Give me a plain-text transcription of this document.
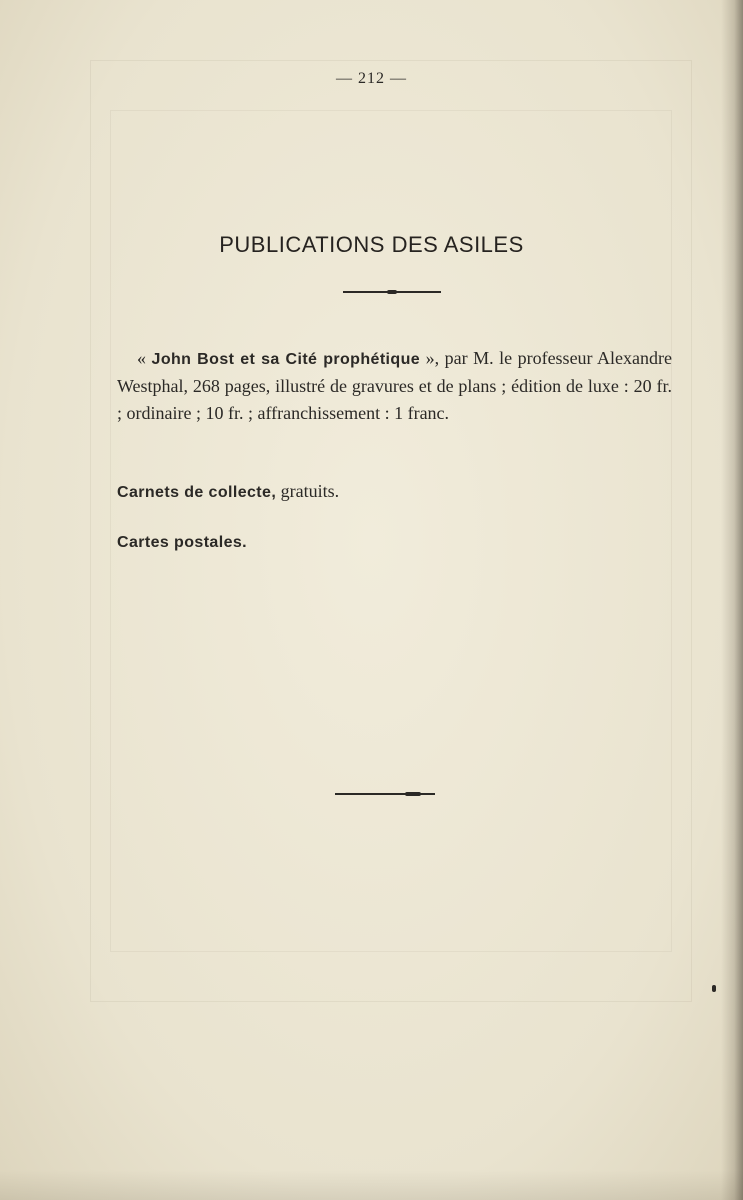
— 212 —
PUBLICATIONS DES ASILES

« John Bost et sa Cité prophétique », par M. le professeur Alexandre Westphal, 268 pages, illustré de gravures et de plans ; édition de luxe : 20 fr. ; ordinaire ; 10 fr. ; affranchissement : 1 franc.

Carnets de collecte, gratuits.

Cartes postales.
